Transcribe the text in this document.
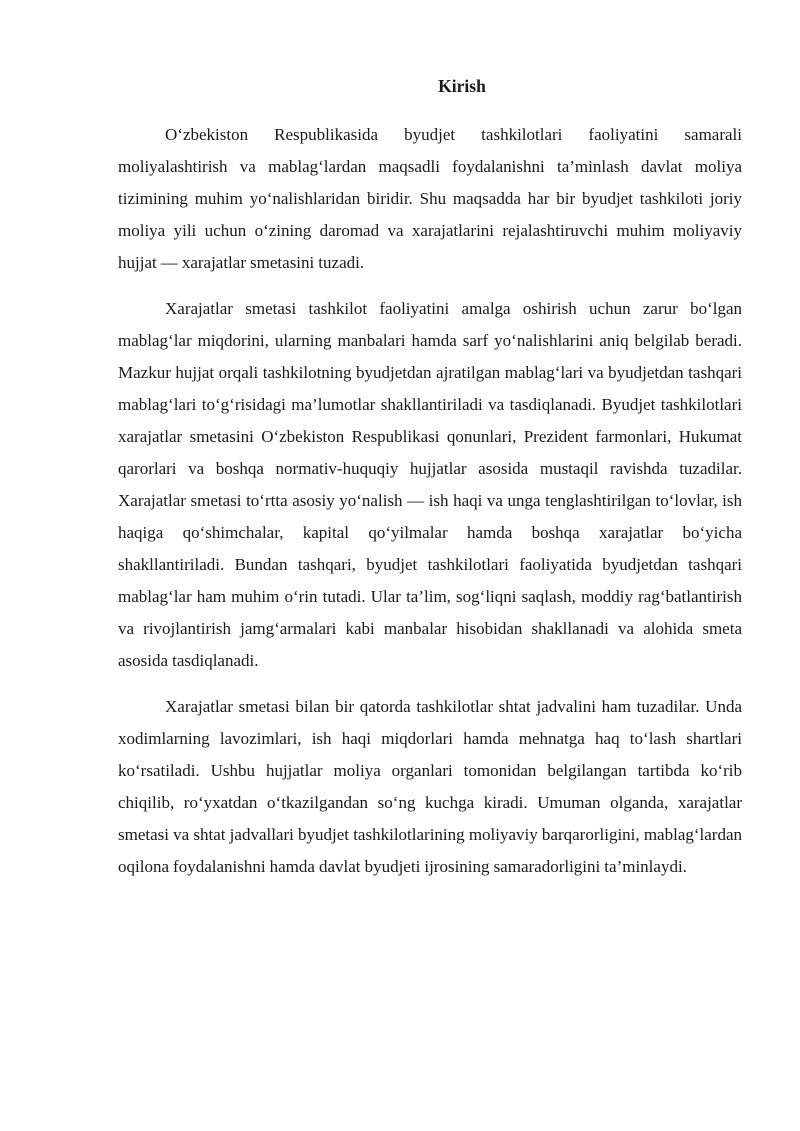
Kirish

O‘zbekiston Respublikasida byudjet tashkilotlari faoliyatini samarali moliyalashtirish va mablag‘lardan maqsadli foydalanishni ta’minlash davlat moliya tizimining muhim yo‘nalishlaridan biridir. Shu maqsadda har bir byudjet tashkiloti joriy moliya yili uchun o‘zining daromad va xarajatlarini rejalashtiruvchi muhim moliyaviy hujjat — xarajatlar smetasini tuzadi.

Xarajatlar smetasi tashkilot faoliyatini amalga oshirish uchun zarur bo‘lgan mablag‘lar miqdorini, ularning manbalari hamda sarf yo‘nalishlarini aniq belgilab beradi. Mazkur hujjat orqali tashkilotning byudjetdan ajratilgan mablag‘lari va byudjetdan tashqari mablag‘lari to‘g‘risidagi ma’lumotlar shakllantiriladi va tasdiqlanadi. Byudjet tashkilotlari xarajatlar smetasini O‘zbekiston Respublikasi qonunlari, Prezident farmonlari, Hukumat qarorlari va boshqa normativ-huquqiy hujjatlar asosida mustaqil ravishda tuzadilar. Xarajatlar smetasi to‘rtta asosiy yo‘nalish — ish haqi va unga tenglashtirilgan to‘lovlar, ish haqiga qo‘shimchalar, kapital qo‘yilmalar hamda boshqa xarajatlar bo‘yicha shakllantiriladi. Bundan tashqari, byudjet tashkilotlari faoliyatida byudjetdan tashqari mablag‘lar ham muhim o‘rin tutadi. Ular ta’lim, sog‘liqni saqlash, moddiy rag‘batlantirish va rivojlantirish jamg‘armalari kabi manbalar hisobidan shakllanadi va alohida smeta asosida tasdiqlanadi.

Xarajatlar smetasi bilan bir qatorda tashkilotlar shtat jadvalini ham tuzadilar. Unda xodimlarning lavozimlari, ish haqi miqdorlari hamda mehnatga haq to‘lash shartlari ko‘rsatiladi. Ushbu hujjatlar moliya organlari tomonidan belgilangan tartibda ko‘rib chiqilib, ro‘yxatdan o‘tkazilgandan so‘ng kuchga kiradi. Umuman olganda, xarajatlar smetasi va shtat jadvallari byudjet tashkilotlarining moliyaviy barqarorligini, mablag‘lardan oqilona foydalanishni hamda davlat byudjeti ijrosining samaradorligini ta’minlaydi.
